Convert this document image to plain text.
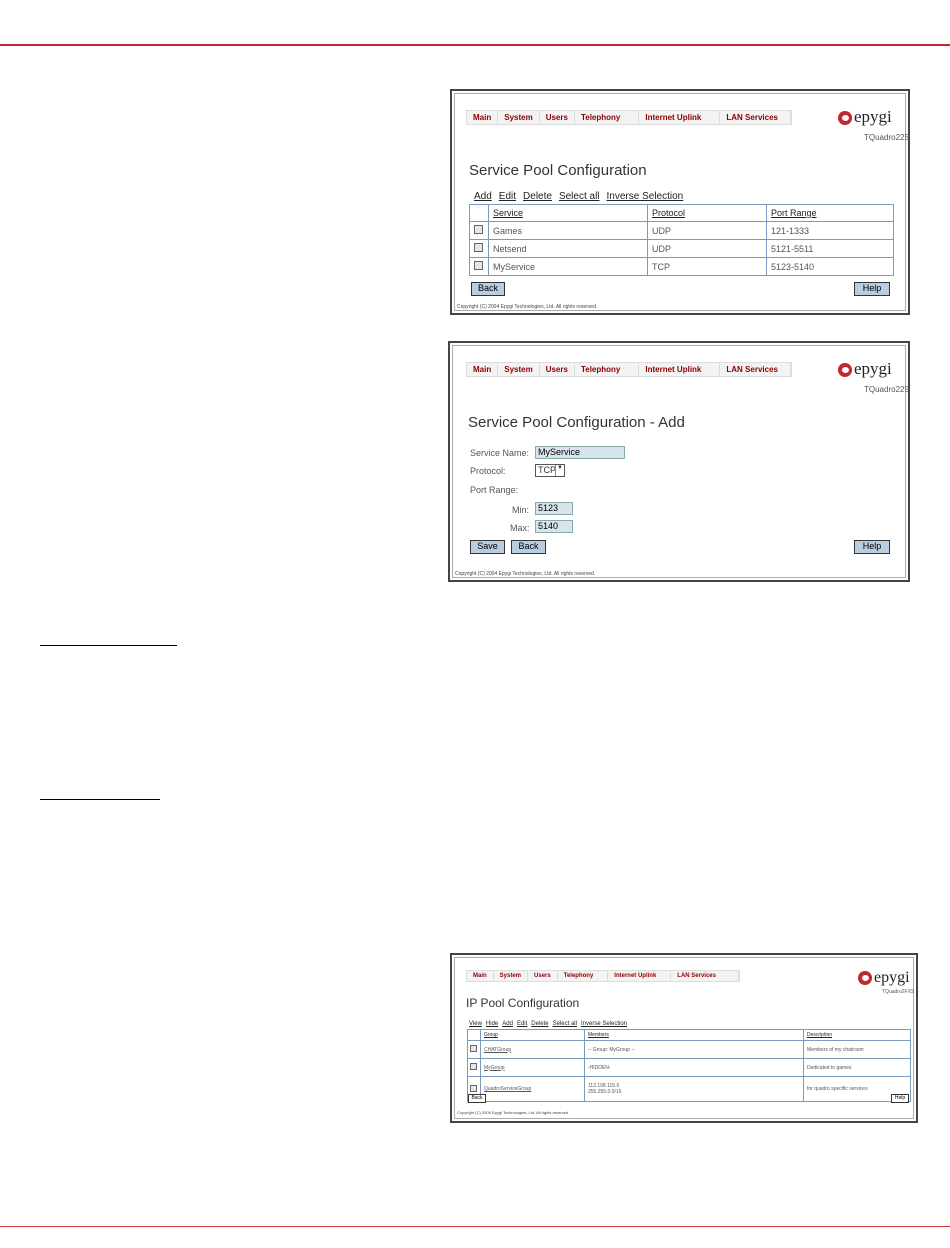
Main	System	Users	Telephony	Internet Uplink	LAN Services	epygi
TQuadro225
Service Pool Configuration
Add Edit Delete Select all Inverse Selection
	Service	Protocol	Port Range
	Games	UDP	121-1333
	Netsend	UDP	5121-5511
	MyService	TCP	5123-5140
Back	Help
Copyright (C) 2004 Epygi Technologies, Ltd. All rights reserved.
Main	System	Users	Telephony	Internet Uplink	LAN Services	epygi
TQuadro225
Service Pool Configuration - Add
Service Name: MyService
Protocol:	TCP ▼
Port Range:
Min: 5123
Max: 5140
Save	Back	Help
Copyright (C) 2004 Epygi Technologies, Ltd. All rights reserved.
Main	System	Users	Telephony	Internet Uplink	LAN Services	epygi
TQuadro2FXS
IP Pool Configuration
View Hide Add Edit Delete Select all Inverse Selection
	Group	Members	Description
	CHATGroup	-- Group: MyGroup --	Members of my chatroom
	MyGroup	-HIDDEN-	Dedicated to games
	QuadroServiceGroup	112.108.115.6 255.255.0.0/16	for quadro specific services
Back	Help
Copyright (C) 2005 Epygi Technologies, Ltd. All rights reserved.
